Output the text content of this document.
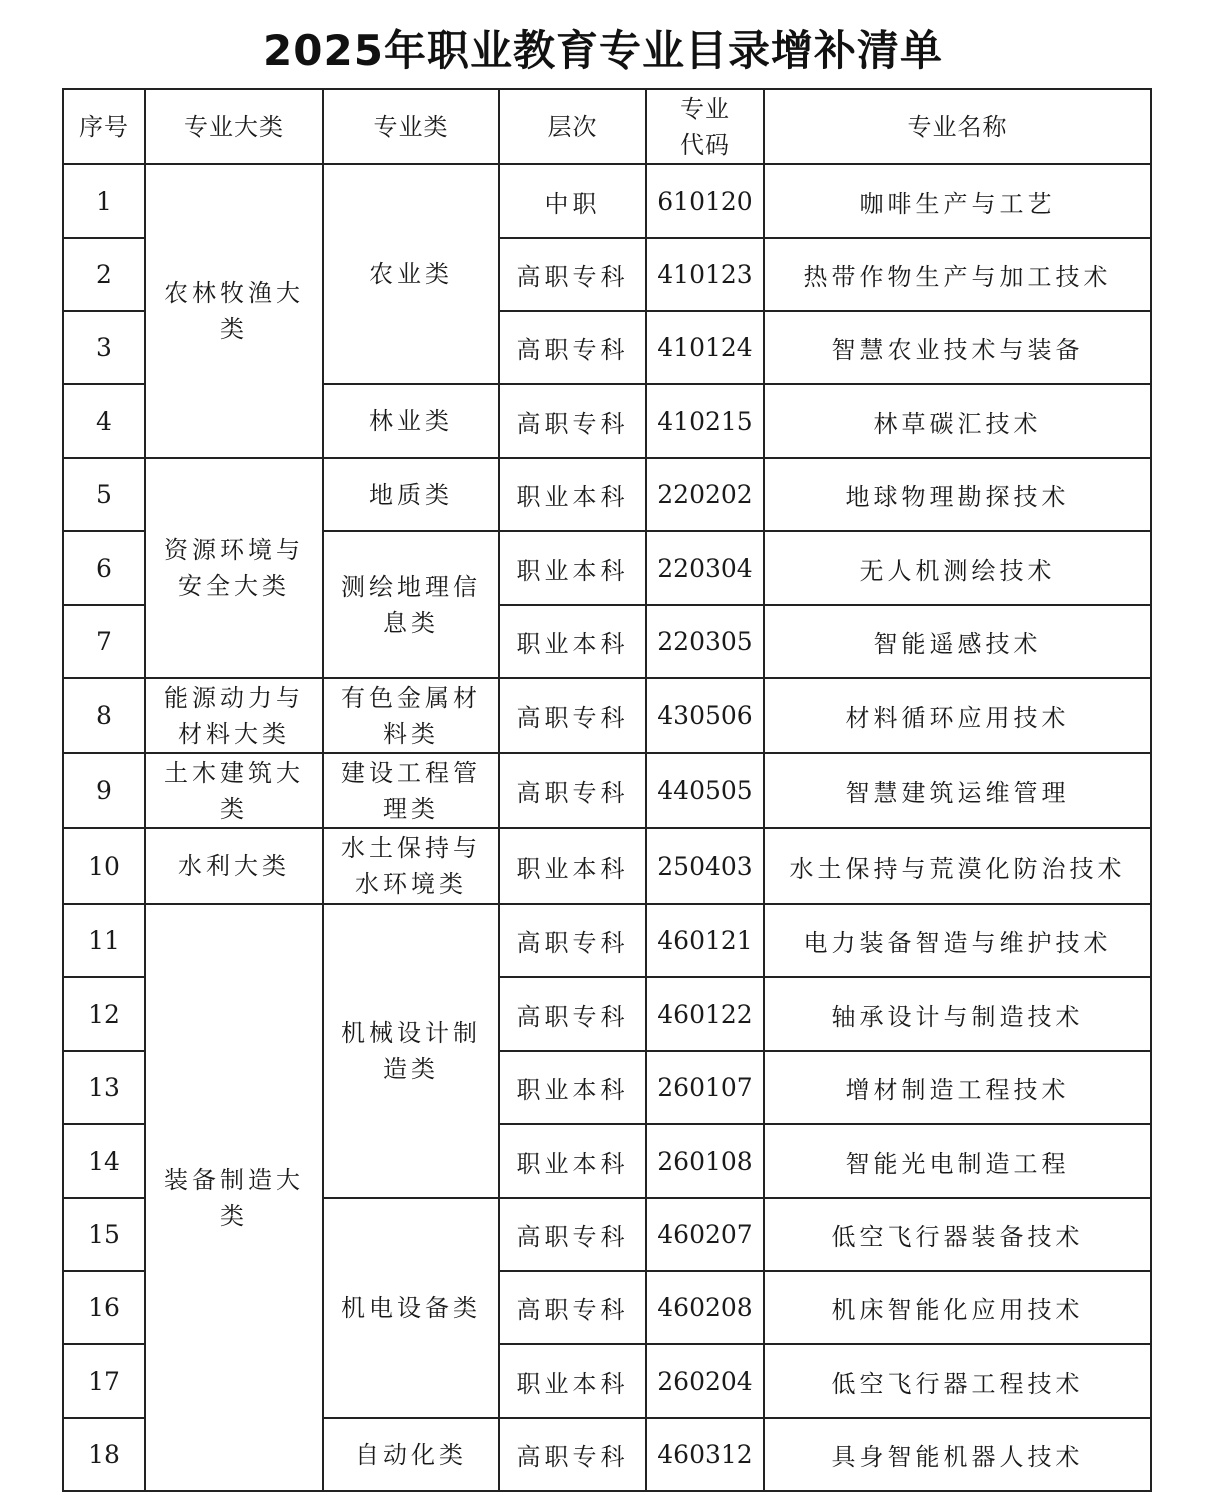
2025年职业教育专业目录增补清单
序号	专业大类	专业类	层次	专业代码	专业名称
1	农林牧渔大类	农业类	中职	610120	咖啡生产与工艺
2			高职专科	410123	热带作物生产与加工技术
3			高职专科	410124	智慧农业技术与装备
4		林业类	高职专科	410215	林草碳汇技术
5	资源环境与安全大类	地质类	职业本科	220202	地球物理勘探技术
6		测绘地理信息类	职业本科	220304	无人机测绘技术
7			职业本科	220305	智能遥感技术
8	能源动力与材料大类	有色金属材料类	高职专科	430506	材料循环应用技术
9	土木建筑大类	建设工程管理类	高职专科	440505	智慧建筑运维管理
10	水利大类	水土保持与水环境类	职业本科	250403	水土保持与荒漠化防治技术
11	装备制造大类	机械设计制造类	高职专科	460121	电力装备智造与维护技术
12			高职专科	460122	轴承设计与制造技术
13			职业本科	260107	增材制造工程技术
14			职业本科	260108	智能光电制造工程
15		机电设备类	高职专科	460207	低空飞行器装备技术
16			高职专科	460208	机床智能化应用技术
17			职业本科	260204	低空飞行器工程技术
18		自动化类	高职专科	460312	具身智能机器人技术
